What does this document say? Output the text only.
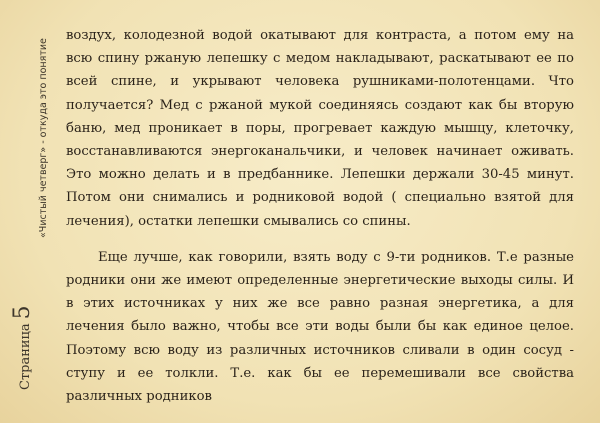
Страница5
«Чистый четверг» - откуда это понятие

воздух, колодезной водой окатывают для контраста, а потом ему на всю спину ржаную лепешку с медом накладывают, раскатывают ее по всей спине, и укрывают человека рушниками-полотенцами. Что получается? Мед с ржаной мукой соединяясь создают как бы вторую баню, мед проникает в поры, прогревает каждую мышцу, клеточку, восстанавливаются энергоканальчики, и человек начинает оживать. Это можно делать и в предбаннике. Лепешки держали 30-45 минут. Потом они снимались и родниковой водой ( специально взятой для лечения), остатки лепешки смывались со спины.

Еще лучше, как говорили, взять воду с 9-ти родников. Т.е разные родники они же имеют определенные энергетические выходы силы. И в этих источниках у них же все равно разная энергетика, а для лечения было важно, чтобы все эти воды были бы как единое целое. Поэтому всю воду из различных источников сливали в один сосуд - ступу и ее толкли. Т.е. как бы ее перемешивали все свойства различных родников
